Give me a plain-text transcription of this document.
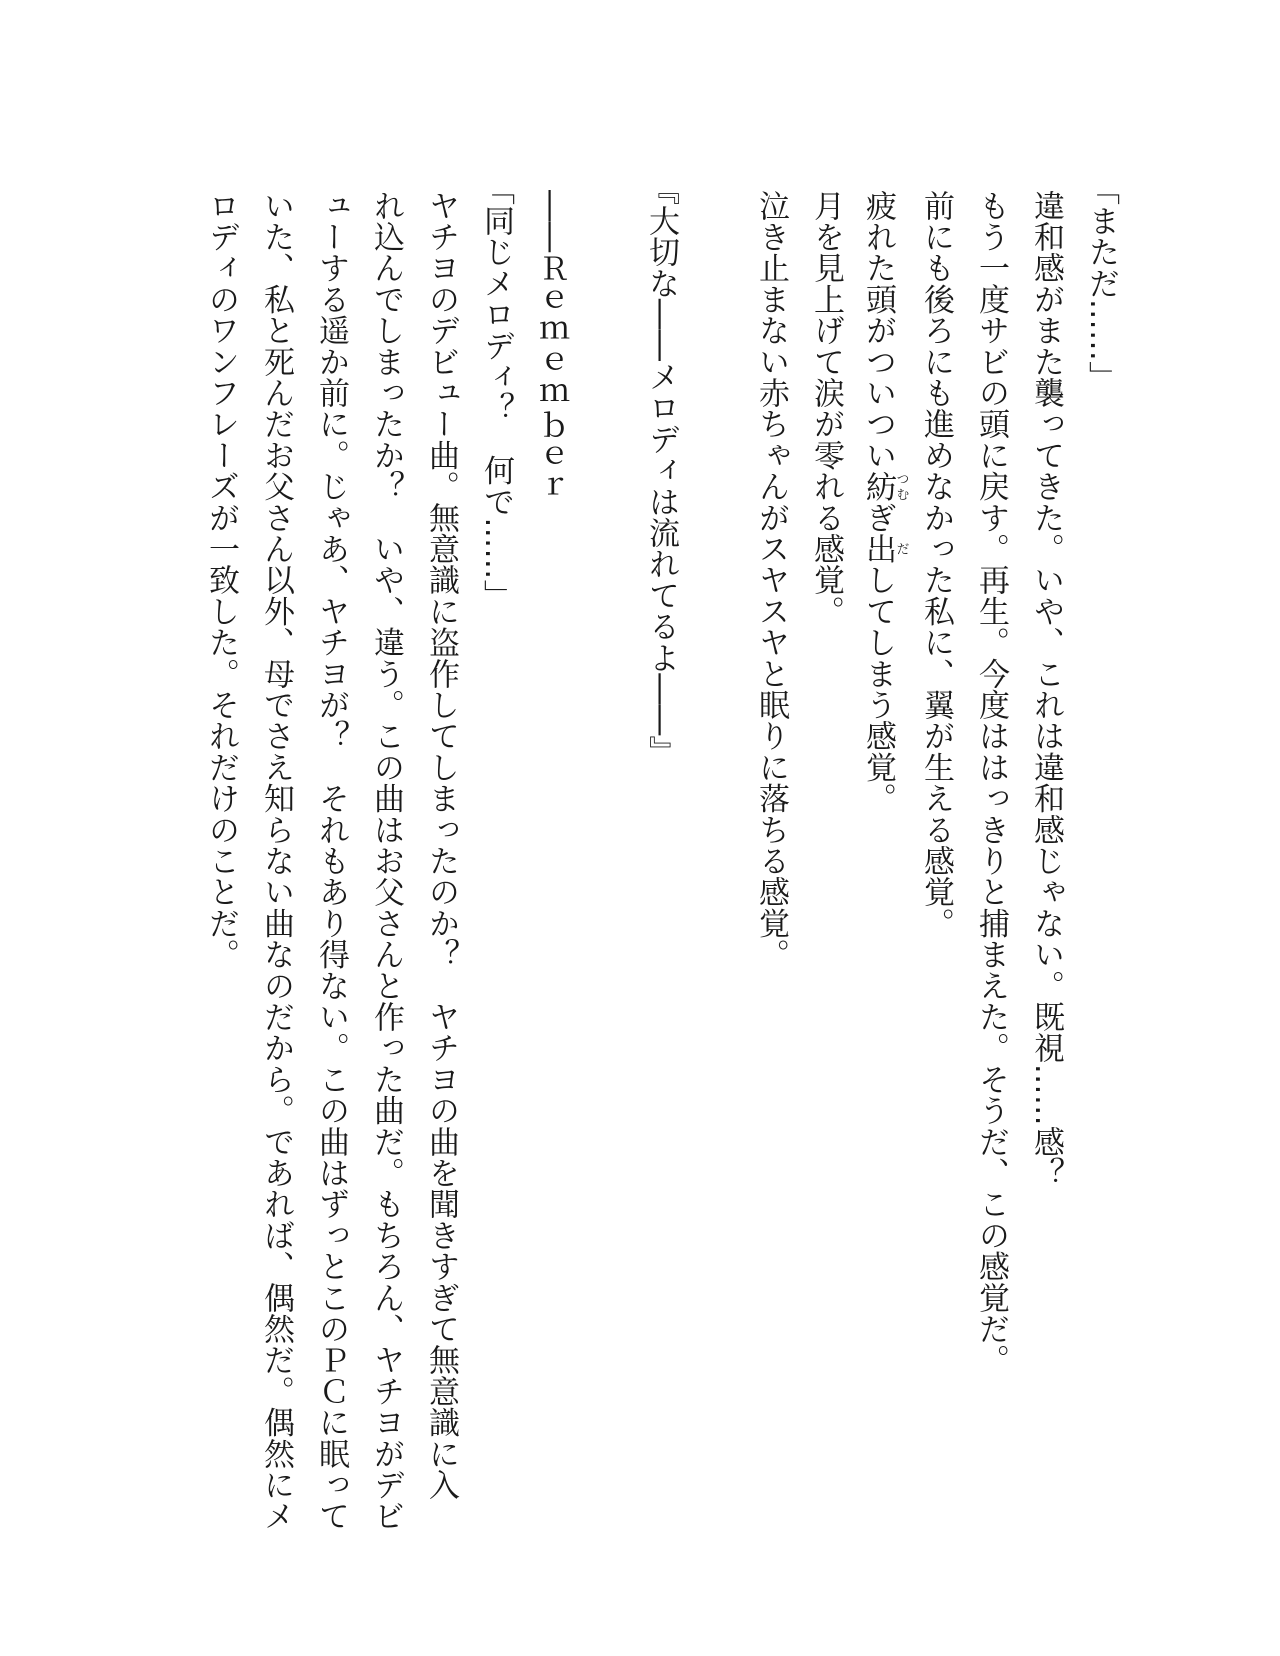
「まただ……」
違和感がまた襲ってきた。いや、これは違和感じゃない。既視……感？
もう一度サビの頭に戻す。再生。今度ははっきりと捕まえた。そうだ、この感覚だ。
前にも後ろにも進めなかった私に、翼が生える感覚。
疲れた頭がついつい紡つむぎ出だしてしまう感覚。
月を見上げて涙が零れる感覚。
泣き止まない赤ちゃんがスヤスヤと眠りに落ちる感覚。
『大切な――メロディは流れてるよ――』
――Ｒｅｍｅｍｂｅｒ
「同じメロディ？　何で……」
ヤチヨのデビュー曲。無意識に盗作してしまったのか？　ヤチヨの曲を聞きすぎて無意識に入
れ込んでしまったか？　いや、違う。この曲はお父さんと作った曲だ。もちろん、ヤチヨがデビ
ューする遥か前に。じゃあ、ヤチヨが？　それもあり得ない。この曲はずっとこのＰＣに眠って
いた、私と死んだお父さん以外、母でさえ知らない曲なのだから。であれば、偶然だ。偶然にメ
ロディのワンフレーズが一致した。それだけのことだ。
